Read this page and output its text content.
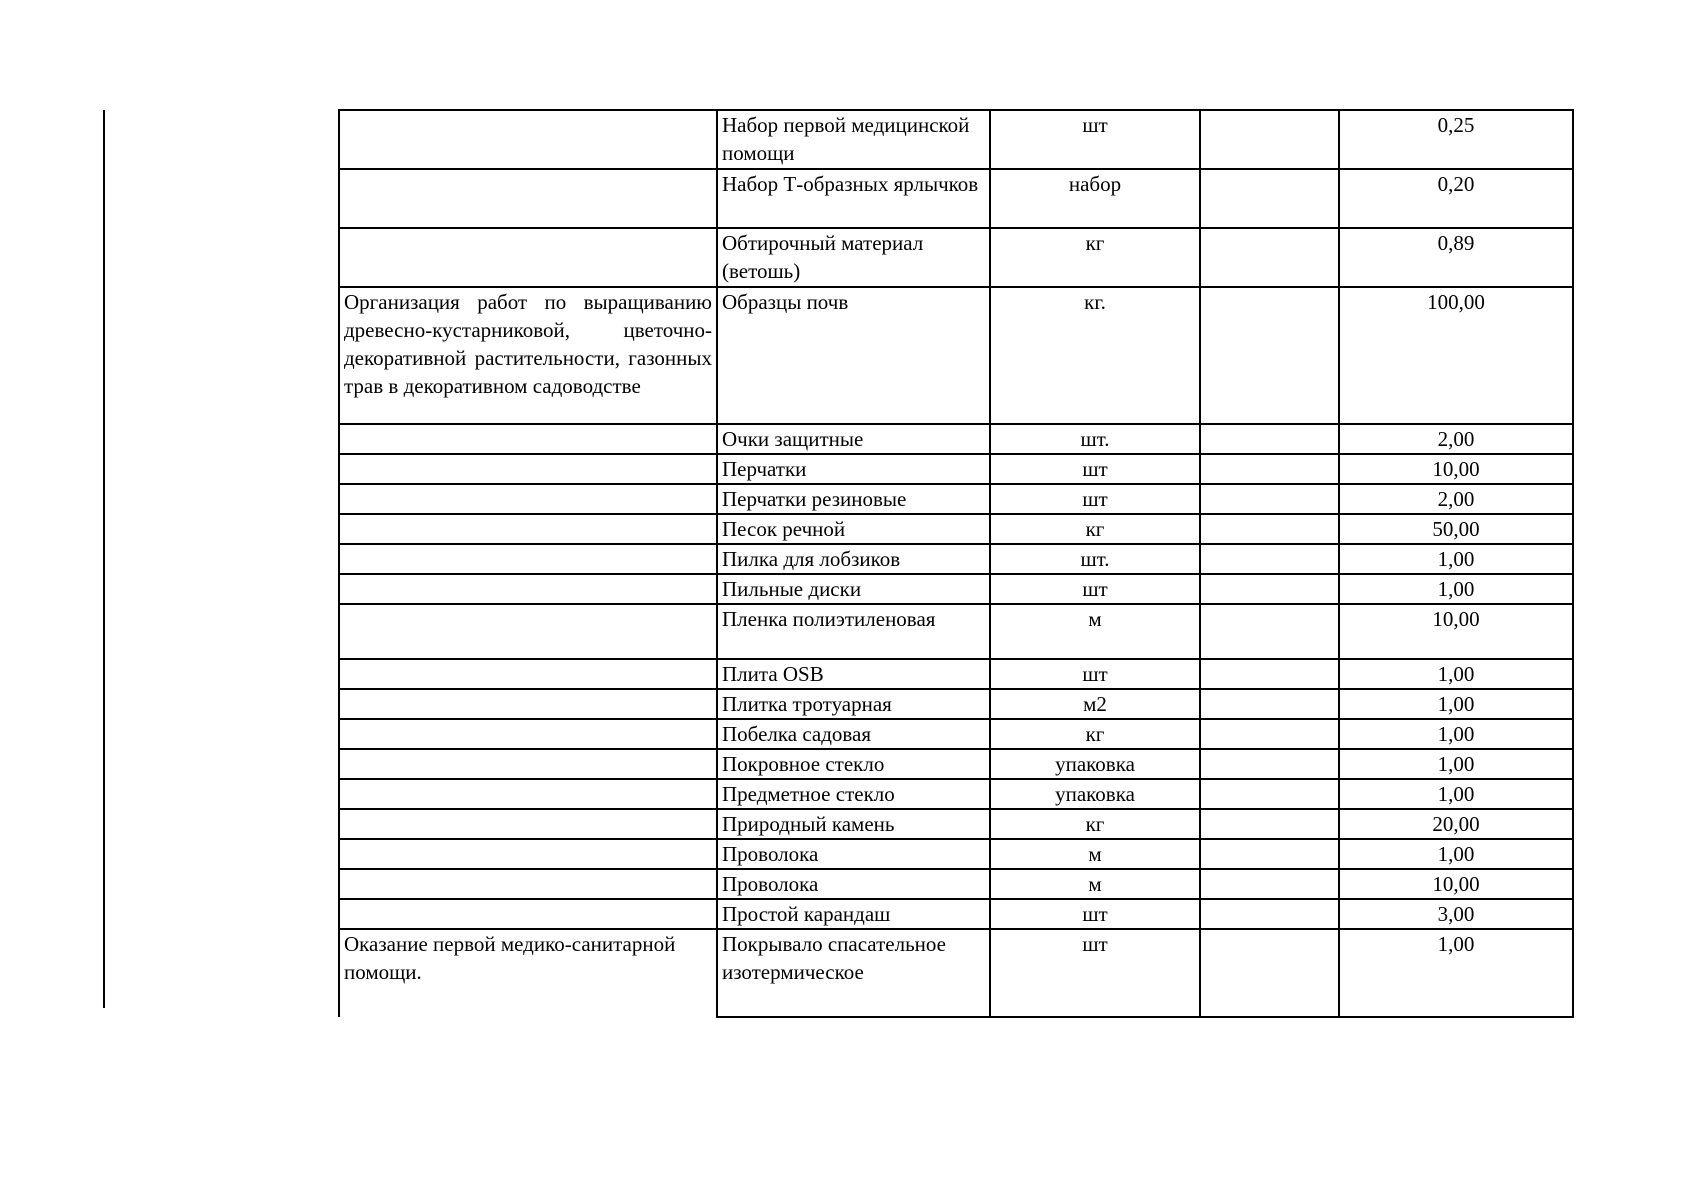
	Набор первой медицинской помощи	шт		0,25
	Набор Т-образных ярлычков	набор		0,20
	Обтирочный материал (ветошь)	кг		0,89
Организация работ по выращиванию древесно-кустарниковой, цветочно-декоративной растительности, газонных трав в декоративном садоводстве	Образцы почв	кг.		100,00
	Очки защитные	шт.		2,00
	Перчатки	шт		10,00
	Перчатки резиновые	шт		2,00
	Песок речной	кг		50,00
	Пилка для лобзиков	шт.		1,00
	Пильные диски	шт		1,00
	Пленка полиэтиленовая	м		10,00
	Плита OSB	шт		1,00
	Плитка тротуарная	м2		1,00
	Побелка садовая	кг		1,00
	Покровное стекло	упаковка		1,00
	Предметное стекло	упаковка		1,00
	Природный камень	кг		20,00
	Проволока	м		1,00
	Проволока	м		10,00
	Простой карандаш	шт		3,00
Оказание первой медико-санитарной помощи.	Покрывало спасательное изотермическое	шт		1,00
